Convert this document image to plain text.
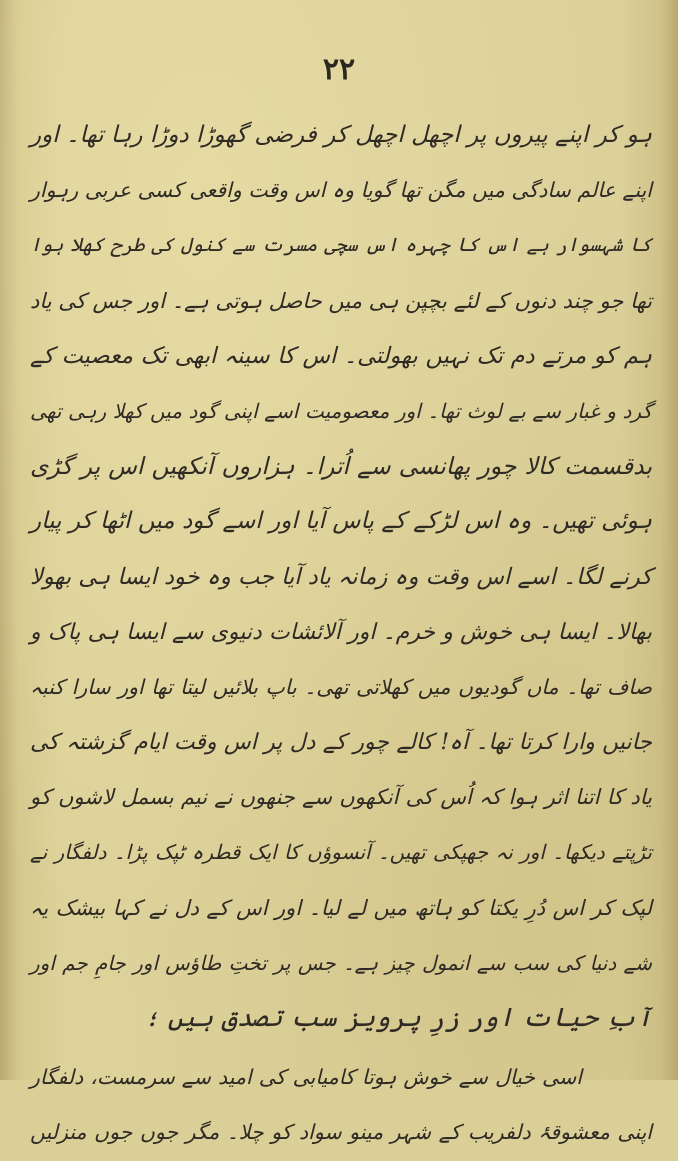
۲۲
ہو کر اپنے پیروں پر اچھل اچھل کر فرضی گھوڑا دوڑا رہا تھا۔ اور
اپنے عالم سادگی میں مگن تھا گویا وہ اس وقت واقعی کسی عربی رہوار
کا شہسوار ہے اس کا چہرہ اس سچی مسرت سے کنول کی طرح کھلا ہوا
تھا جو چند دنوں کے لئے بچپن ہی میں حاصل ہوتی ہے۔ اور جس کی یاد
ہم کو مرتے دم تک نہیں بھولتی۔ اس کا سینہ ابھی تک معصیت کے
گرد و غبار سے بے لوث تھا۔ اور معصومیت اسے اپنی گود میں کھلا رہی تھی
بدقسمت کالا چور پھانسی سے اُترا۔ ہزاروں آنکھیں اس پر گڑی
ہوئی تھیں۔ وہ اس لڑکے کے پاس آیا اور اسے گود میں اٹھا کر پیار
کرنے لگا۔ اسے اس وقت وہ زمانہ یاد آیا جب وہ خود ایسا ہی بھولا
بھالا۔ ایسا ہی خوش و خرم۔ اور آلائشات دنیوی سے ایسا ہی پاک و
صاف تھا۔ ماں گودیوں میں کھلاتی تھی۔ باپ بلائیں لیتا تھا اور سارا کنبہ
جانیں وارا کرتا تھا۔ آہ! کالے چور کے دل پر اس وقت ایام گزشتہ کی
یاد کا اتنا اثر ہوا کہ اُس کی آنکھوں سے جنھوں نے نیم بسمل لاشوں کو
تڑپتے دیکھا۔ اور نہ جھپکی تھیں۔ آنسوؤں کا ایک قطرہ ٹپک پڑا۔ دلفگار نے
لپک کر اس دُرِ یکتا کو ہاتھ میں لے لیا۔ اور اس کے دل نے کہا بیشک یہ
شے دنیا کی سب سے انمول چیز ہے۔ جس پر تختِ طاؤس اور جامِ جم اور
آبِ حیات اور زرِ پرویز سب تصدق ہیں ؛
اسی خیال سے خوش ہوتا کامیابی کی امید سے سرمست، دلفگار
اپنی معشوقۂ دلفریب کے شہر مینو سواد کو چلا۔ مگر جوں جوں منزلیں
